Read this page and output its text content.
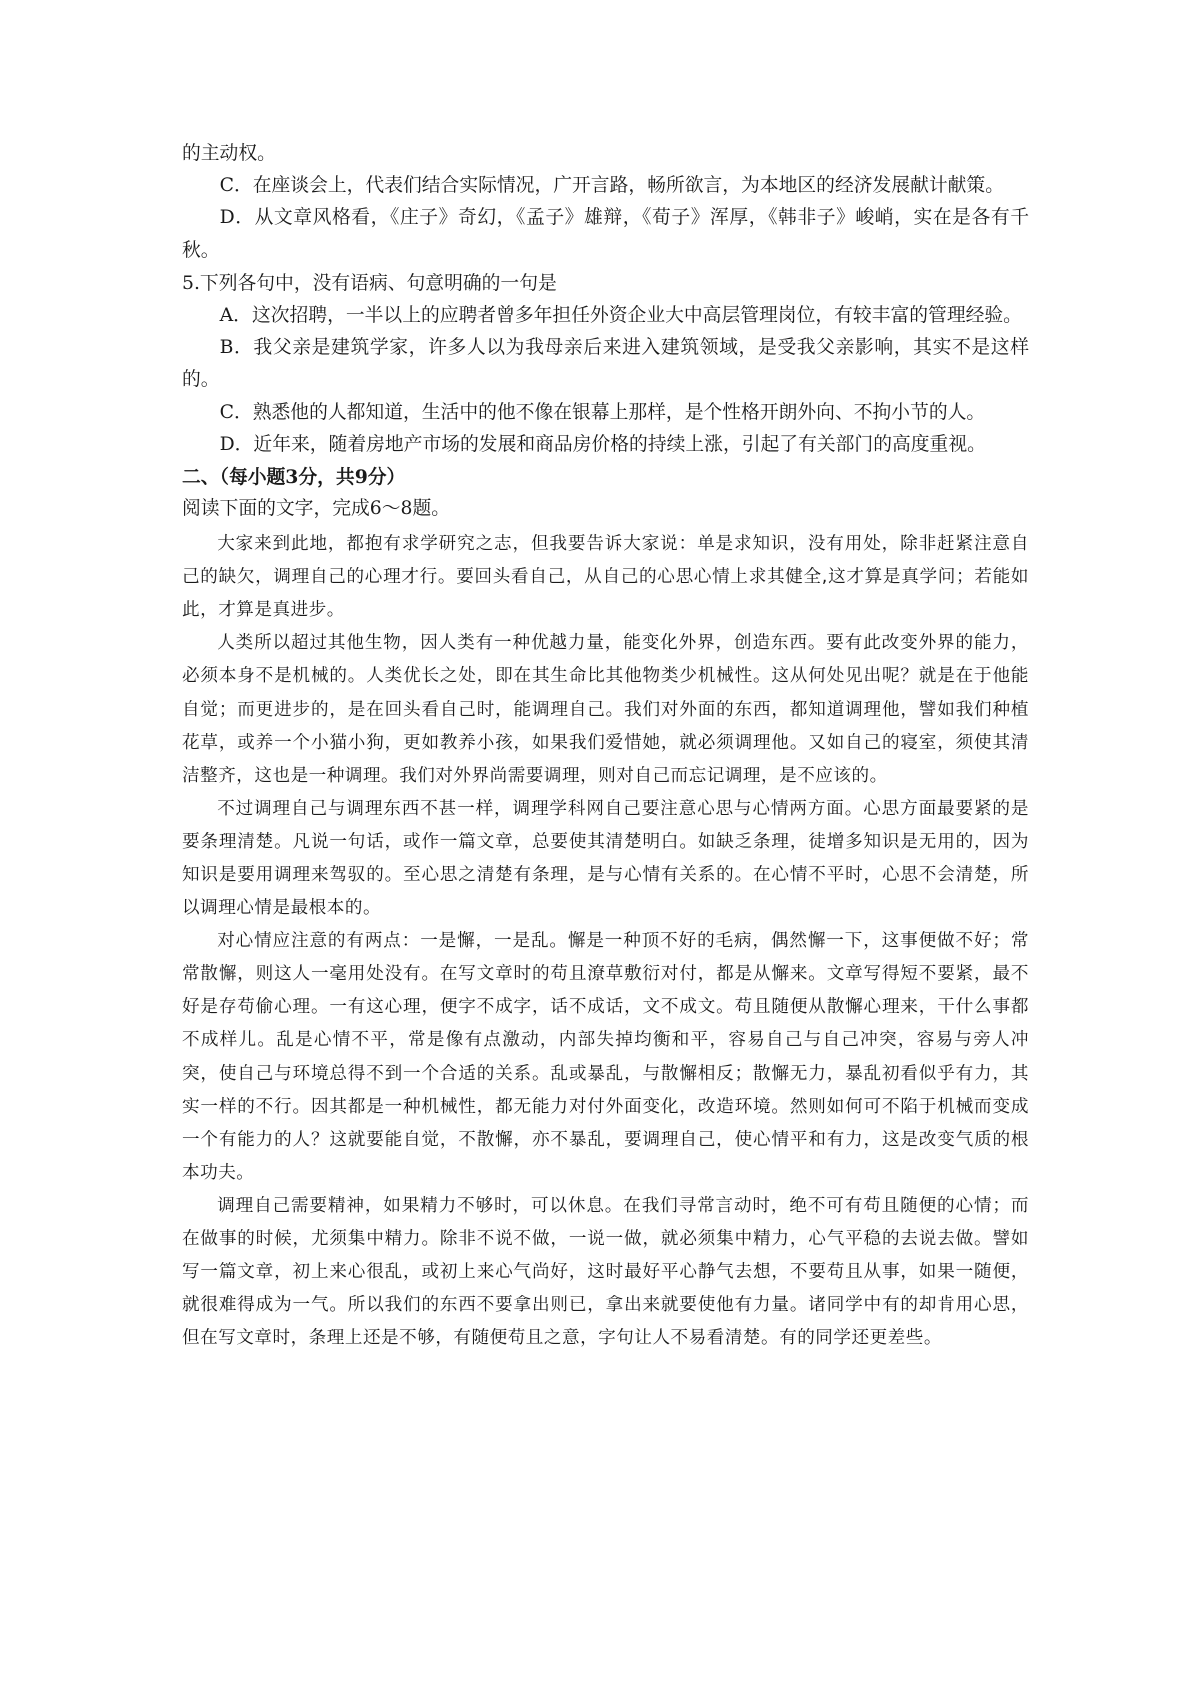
的主动权。

C．在座谈会上，代表们结合实际情况，广开言路，畅所欲言，为本地区的经济发展献计献策。

D．从文章风格看，《庄子》奇幻，《孟子》雄辩，《荀子》浑厚，《韩非子》峻峭，实在是各有千秋。

5.下列各句中，没有语病、句意明确的一句是

A．这次招聘，一半以上的应聘者曾多年担任外资企业大中高层管理岗位，有较丰富的管理经验。

B．我父亲是建筑学家，许多人以为我母亲后来进入建筑领域，是受我父亲影响，其实不是这样的。

C．熟悉他的人都知道，生活中的他不像在银幕上那样，是个性格开朗外向、不拘小节的人。

D．近年来，随着房地产市场的发展和商品房价格的持续上涨，引起了有关部门的高度重视。

二、（每小题3分，共9分）

阅读下面的文字，完成6～8题。

大家来到此地，都抱有求学研究之志，但我要告诉大家说：单是求知识，没有用处，除非赶紧注意自己的缺欠，调理自己的心理才行。要回头看自己，从自己的心思心情上求其健全,这才算是真学问；若能如此，才算是真进步。

人类所以超过其他生物，因人类有一种优越力量，能变化外界，创造东西。要有此改变外界的能力，必须本身不是机械的。人类优长之处，即在其生命比其他物类少机械性。这从何处见出呢？就是在于他能自觉；而更进步的，是在回头看自己时，能调理自己。我们对外面的东西，都知道调理他，譬如我们种植花草，或养一个小猫小狗，更如教养小孩，如果我们爱惜她，就必须调理他。又如自己的寝室，须使其清洁整齐，这也是一种调理。我们对外界尚需要调理，则对自己而忘记调理，是不应该的。

不过调理自己与调理东西不甚一样，调理学科网自己要注意心思与心情两方面。心思方面最要紧的是要条理清楚。凡说一句话，或作一篇文章，总要使其清楚明白。如缺乏条理，徒增多知识是无用的，因为知识是要用调理来驾驭的。至心思之清楚有条理，是与心情有关系的。在心情不平时，心思不会清楚，所以调理心情是最根本的。

对心情应注意的有两点：一是懈，一是乱。懈是一种顶不好的毛病，偶然懈一下，这事便做不好；常常散懈，则这人一毫用处没有。在写文章时的苟且潦草敷衍对付，都是从懈来。文章写得短不要紧，最不好是存苟偷心理。一有这心理，便字不成字，话不成话，文不成文。苟且随便从散懈心理来，干什么事都不成样儿。乱是心情不平，常是像有点激动，内部失掉均衡和平，容易自己与自己冲突，容易与旁人冲突，使自己与环境总得不到一个合适的关系。乱或暴乱，与散懈相反；散懈无力，暴乱初看似乎有力，其实一样的不行。因其都是一种机械性，都无能力对付外面变化，改造环境。然则如何可不陷于机械而变成一个有能力的人？这就要能自觉，不散懈，亦不暴乱，要调理自己，使心情平和有力，这是改变气质的根本功夫。

调理自己需要精神，如果精力不够时，可以休息。在我们寻常言动时，绝不可有苟且随便的心情；而在做事的时候，尤须集中精力。除非不说不做，一说一做，就必须集中精力，心气平稳的去说去做。譬如写一篇文章，初上来心很乱，或初上来心气尚好，这时最好平心静气去想，不要苟且从事，如果一随便，就很难得成为一气。所以我们的东西不要拿出则已，拿出来就要使他有力量。诸同学中有的却肯用心思，但在写文章时，条理上还是不够，有随便苟且之意，字句让人不易看清楚。有的同学还更差些。
